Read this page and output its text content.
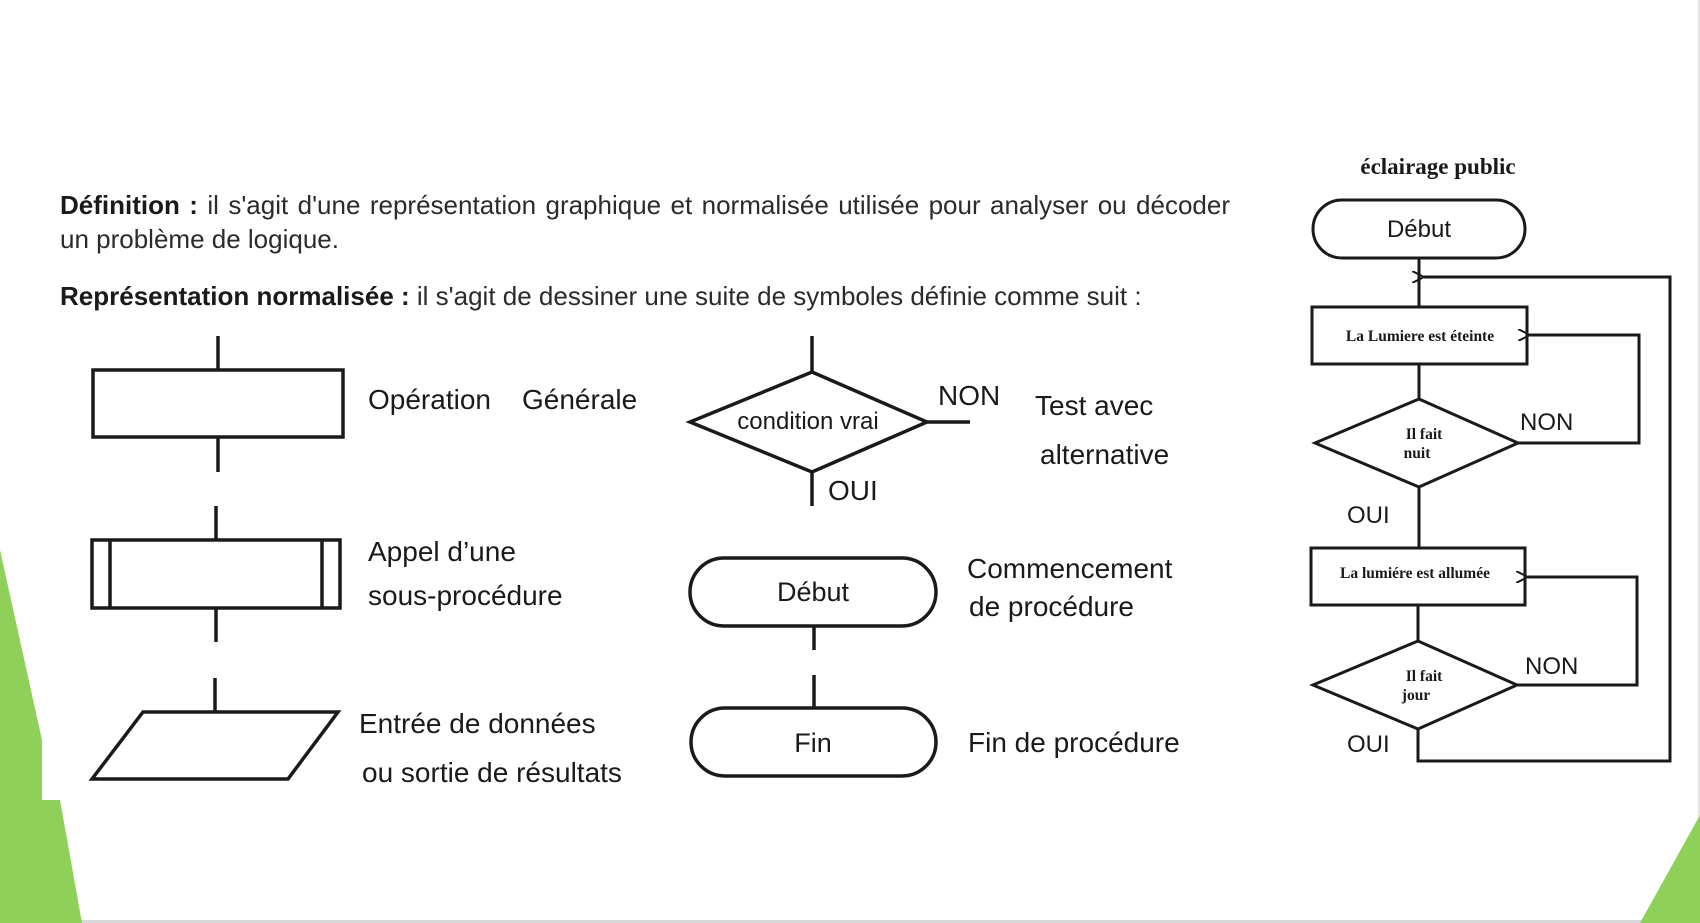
Définition : il s'agit d'une représentation graphique et normalisée utilisée pour analyser ou décoder un problème de logique.
Représentation normalisée : il s'agit de dessiner une suite de symboles définie comme suit :
Opération Générale
Appel d’une
sous-procédure
Entrée de données
ou sortie de résultats
condition vrai
NON
OUI
Test avec
alternative
Début
Commencement
de procédure
Fin	Fin de procédure
éclairage public
Début
La Lumiere est éteinte
Il fait
nuit
NON
OUI
La lumiére est allumée
Il fait
jour
NON
OUI
